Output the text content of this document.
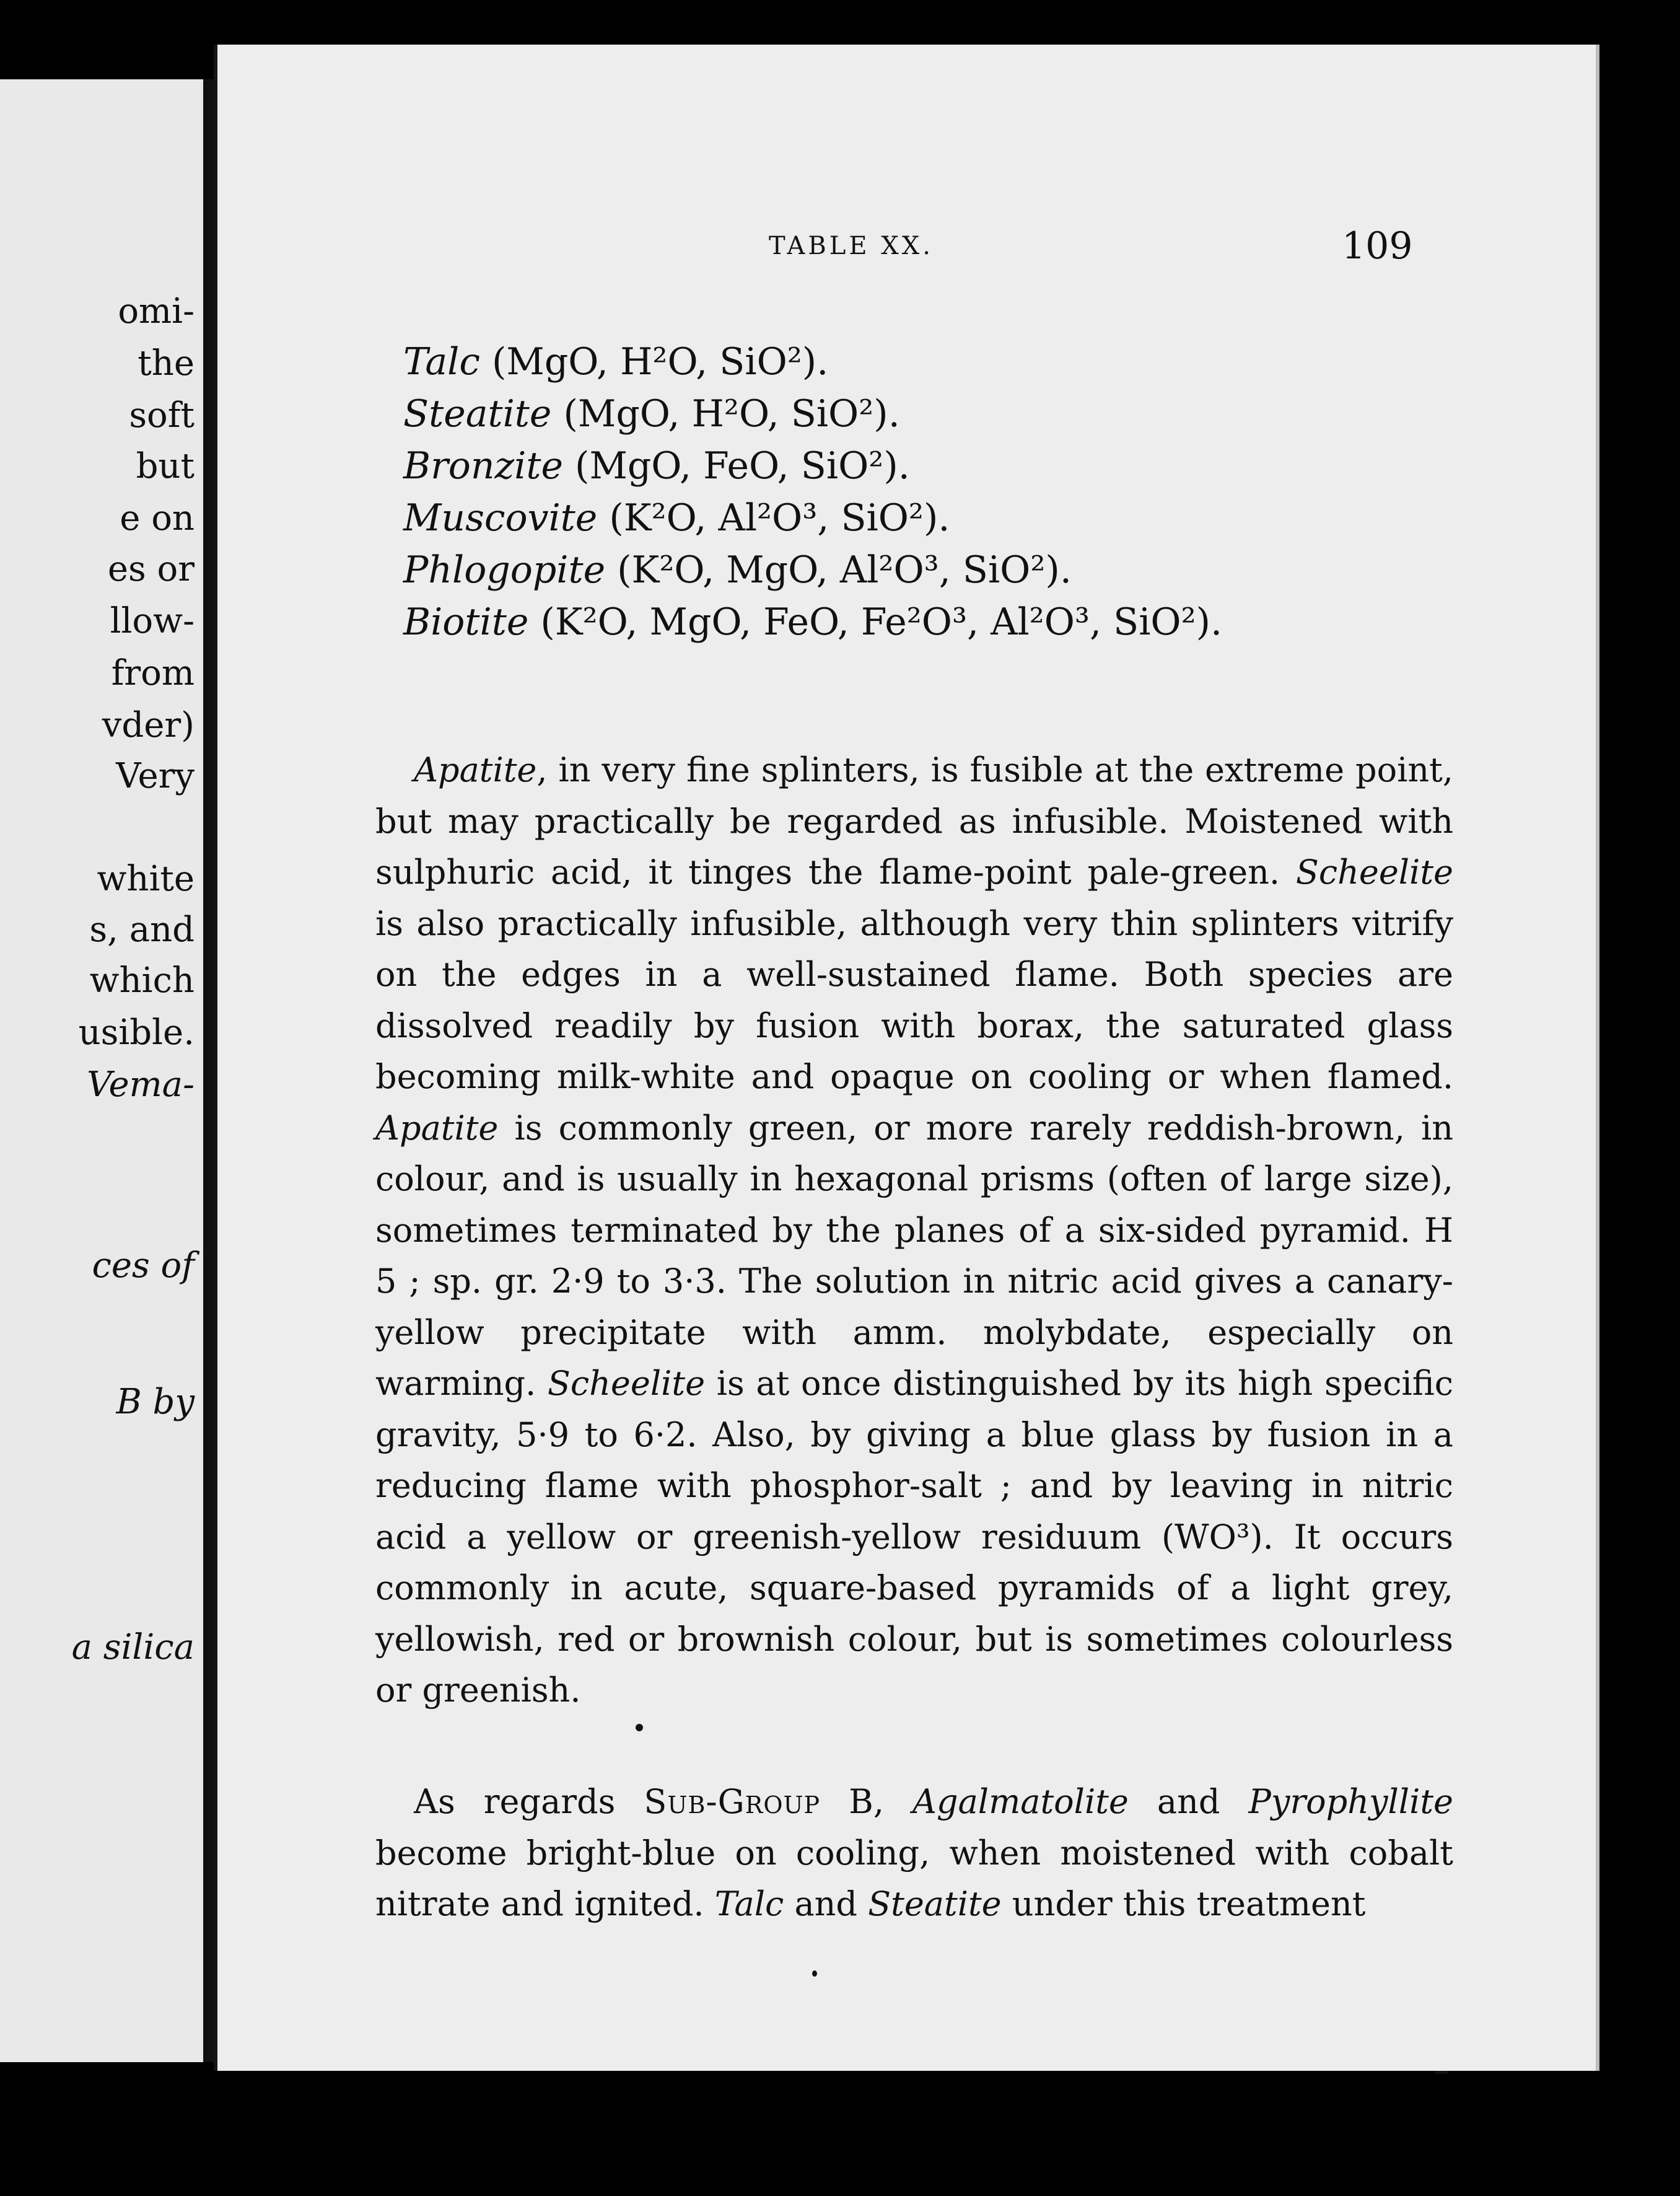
omi-
the
soft
but
e on
es or
llow-
from
vder)
Very
white
s, and
which
usible.
Vema-
ces of
B by
a silica
TABLE XX.	109
Talc (MgO, H²O, SiO²).
Steatite (MgO, H²O, SiO²).
Bronzite (MgO, FeO, SiO²).
Muscovite (K²O, Al²O³, SiO²).
Phlogopite (K²O, MgO, Al²O³, SiO²).
Biotite (K²O, MgO, FeO, Fe²O³, Al²O³, SiO²).

Apatite, in very fine splinters, is fusible at the extreme point, but may practically be regarded as infusible. Moistened with sulphuric acid, it tinges the flame-point pale-green. Scheelite is also practically infusible, although very thin splinters vitrify on the edges in a well-sustained flame. Both species are dissolved readily by fusion with borax, the saturated glass becoming milk-white and opaque on cooling or when flamed. Apatite is commonly green, or more rarely reddish-brown, in colour, and is usually in hexagonal prisms (often of large size), sometimes terminated by the planes of a six-sided pyramid. H 5 ; sp. gr. 2·9 to 3·3. The solution in nitric acid gives a canary-yellow precipitate with amm. molybdate, especially on warming. Scheelite is at once distinguished by its high specific gravity, 5·9 to 6·2. Also, by giving a blue glass by fusion in a reducing flame with phosphor-salt ; and by leaving in nitric acid a yellow or greenish-yellow residuum (WO³). It occurs commonly in acute, square-based pyramids of a light grey, yellowish, red or brownish colour, but is sometimes colourless or greenish.

As regards Sub-Group B, Agalmatolite and Pyrophyllite become bright-blue on cooling, when moistened with cobalt nitrate and ignited. Talc and Steatite under this treatment
